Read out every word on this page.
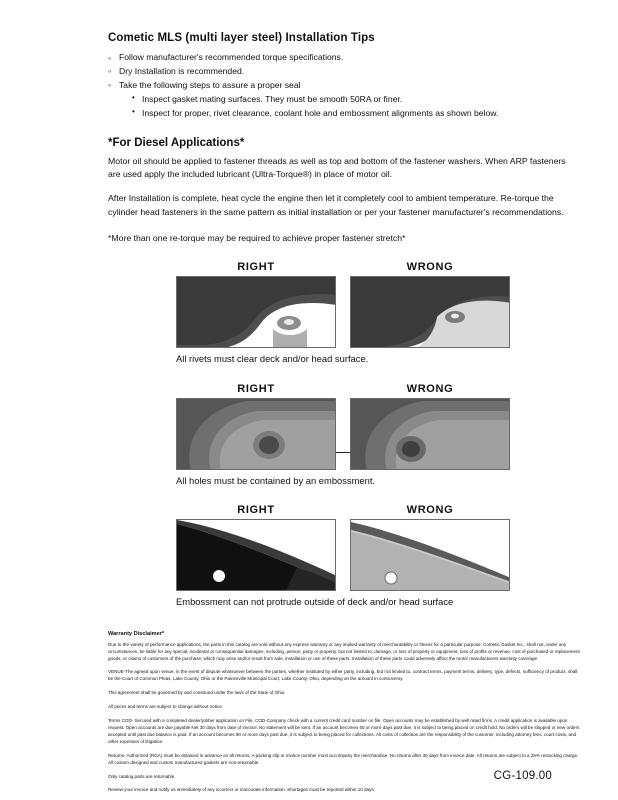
Cometic MLS (multi layer steel) Installation Tips
◦ Follow manufacturer's recommended torque specifications.
◦ Dry Installation is recommended.
◦ Take the following steps to assure a proper seal
• Inspect gasket mating surfaces. They must be smooth 50RA or finer.
• Inspect for proper, rivet clearance, coolant hole and embossment alignments as shown below.
*For Diesel Applications*

Motor oil should be applied to fastener threads as well as top and bottom of the fastener washers. When ARP fasteners are used apply the included lubricant (Ultra-Torque®) in place of motor oil.

After Installation is complete, heat cycle the engine then let it completely cool to ambient temperature. Re-torque the cylinder head fasteners in the same pattern as initial installation or per your fastener manufacturer's recommendations.

*More than one re-torque may be required to achieve proper fastener stretch*

RIGHT	WRONG
All rivets must clear deck and/or head surface.
RIGHT	WRONG
All holes must be contained by an embossment.
RIGHT	WRONG
Embossment can not protrude outside of deck and/or head surface
Warranty Disclaimer*

Due to the variety of performance applications, the parts in this catalog are sold without any express warranty or any implied warranty of merchantability or fitness for a particular purpose. Cometic Gasket Inc., shall not, under any circumstances, be liable for any special, incidental or consequential damages, including, person, party or property, but not limited to, damage, or loss of property or equipment, loss of profits or revenue, cost of purchased or replacement goods, or claims of customers of the purchase, which may arise and/or result from sale, installation or use of these parts. Installation of these parts could adversely affect the motor manufacturers warranty coverage.

VENUE-The agreed upon venue, in the event of dispute whatsoever between the parties, whether instituted by either party, including, but not limited to, contract terms, payment terms, delivery, type, defects, sufficiency of product, shall be the Court of Common Pleas, Lake County, Ohio or the Painesville Municipal Court, Lake County, Ohio, depending on the amount in controversy.

This agreement shall be governed by and construed under the laws of the State of Ohio.

All prices and terms are subject to change without notice.

Terms COD- Secured with a completed dealer/jobber application on File, COD-Company check with a current credit card number on file. Open accounts may be established by well rated firms. A credit application is available upon request. Open accounts are due payable Net 30 days from date of invoice. No statement will be sent. If an account becomes 60 or more days past due, it is subject to being placed on credit hold. No orders will be shipped or new orders accepted until past due balance is paid. If an account becomes 90 or more days past due, it is subject to being placed for collections. All costs of collection are the responsibility of the customer, including attorney fees, court costs, and other expenses of litigation.

Returns- Authorized (RGA) must be obtained in advance on all returns. A packing slip or invoice number must accompany the merchandise. No returns after 30 days from invoice date. All returns are subject to a 25% restocking charge. All custom designed and custom manufactured gaskets are non-returnable.

Only catalog parts are returnable.

Review your invoice and notify us immediately of any incorrect or inaccurate information. Shortages must be reported within 10 days.

CG-109.00
